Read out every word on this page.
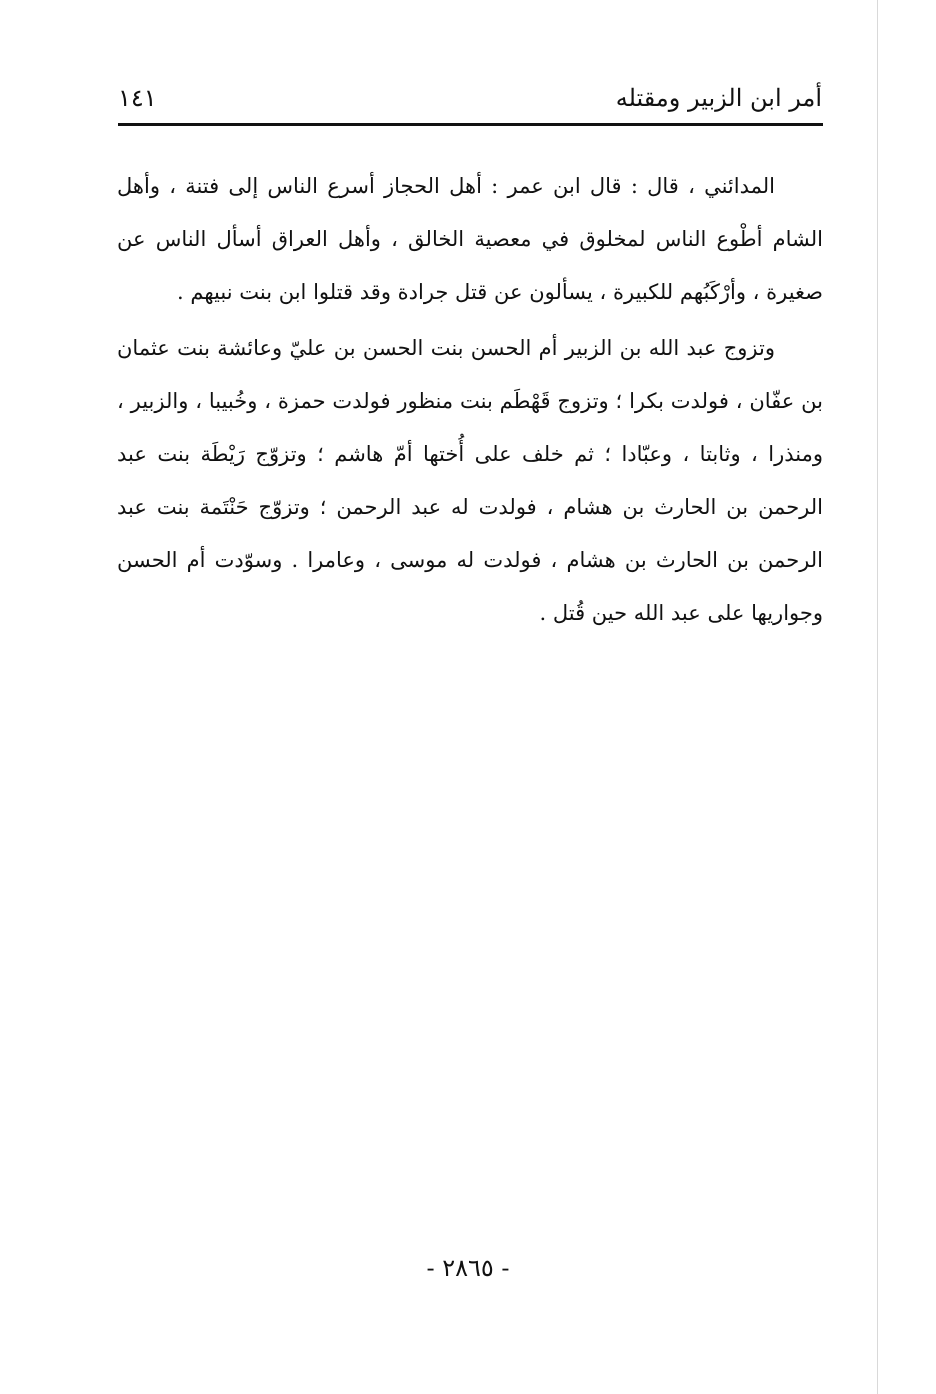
أمر ابن الزبير ومقتله
١٤١

المدائني ، قال : قال ابن عمر : أهل الحجاز أسرع الناس إلى فتنة ، وأهل الشام أطْوع الناس لمخلوق في معصية الخالق ، وأهل العراق أسأل الناس عن صغيرة ، وأرْكَبُهم للكبيرة ، يسألون عن قتل جرادة وقد قتلوا ابن بنت نبيهم .

وتزوج عبد الله بن الزبير أم الحسن بنت الحسن بن عليّ وعائشة بنت عثمان بن عفّان ، فولدت بكرا ؛ وتزوج قَهْطَم بنت منظور فولدت حمزة ، وخُبيبا ، والزبير ، ومنذرا ، وثابتا ، وعبّادا ؛ ثم خلف على أُختها أمّ هاشم ؛ وتزوّج رَيْطَة بنت عبد الرحمن بن الحارث بن هشام ، فولدت له عبد الرحمن ؛ وتزوّج حَنْتَمة بنت عبد الرحمن بن الحارث بن هشام ، فولدت له موسى ، وعامرا . وسوّدت أم الحسن وجواريها على عبد الله حين قُتل .

- ٢٨٦٥ -
